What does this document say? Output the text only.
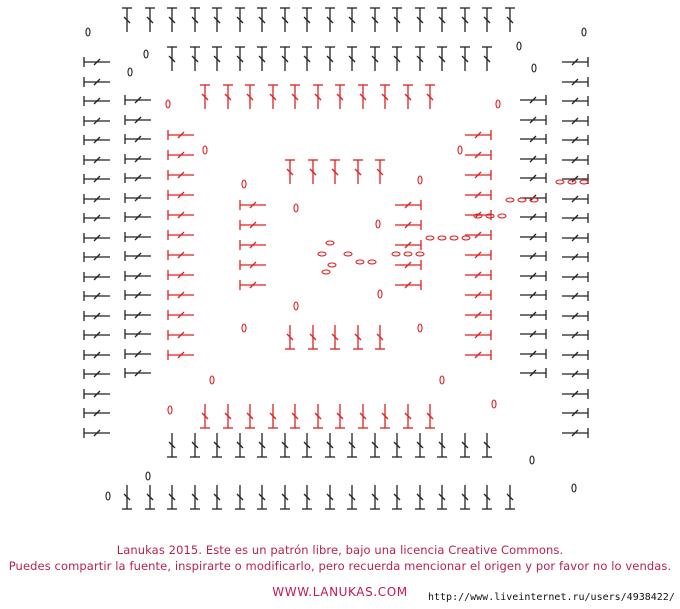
Lanukas 2015. Este es un patrón libre, bajo una licencia Creative Commons.
Puedes compartir la fuente, inspirarte o modificarlo, pero recuerda mencionar el origen y por favor no lo vendas.
WWW.LANUKAS.COM	http://www.liveinternet.ru/users/4938422/
